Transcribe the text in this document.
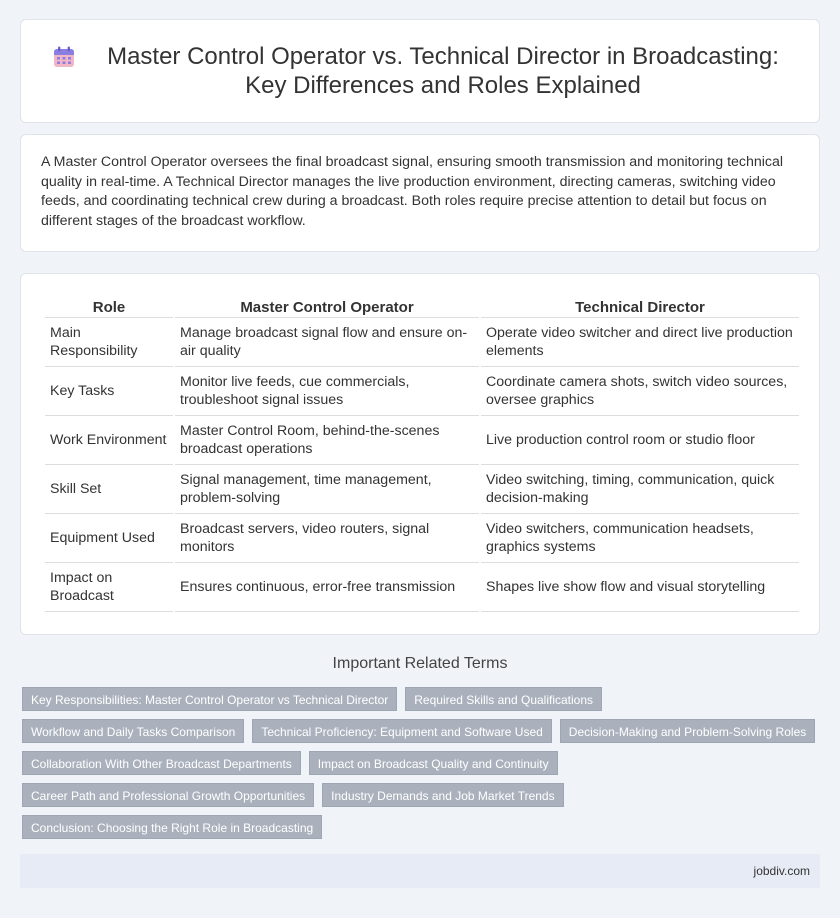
Master Control Operator vs. Technical Director in Broadcasting: Key Differences and Roles Explained

A Master Control Operator oversees the final broadcast signal, ensuring smooth transmission and monitoring technical quality in real-time. A Technical Director manages the live production environment, directing cameras, switching video feeds, and coordinating technical crew during a broadcast. Both roles require precise attention to detail but focus on different stages of the broadcast workflow.

Role	Master Control Operator	Technical Director
Main Responsibility	Manage broadcast signal flow and ensure on-air quality	Operate video switcher and direct live production elements
Key Tasks	Monitor live feeds, cue commercials, troubleshoot signal issues	Coordinate camera shots, switch video sources, oversee graphics
Work Environment	Master Control Room, behind-the-scenes broadcast operations	Live production control room or studio floor
Skill Set	Signal management, time management, problem-solving	Video switching, timing, communication, quick decision-making
Equipment Used	Broadcast servers, video routers, signal monitors	Video switchers, communication headsets, graphics systems
Impact on Broadcast	Ensures continuous, error-free transmission	Shapes live show flow and visual storytelling
Important Related Terms
Key Responsibilities: Master Control Operator vs Technical Director	Required Skills and Qualifications
Workflow and Daily Tasks Comparison	Technical Proficiency: Equipment and Software Used	Decision-Making and Problem-Solving Roles
Collaboration With Other Broadcast Departments	Impact on Broadcast Quality and Continuity
Career Path and Professional Growth Opportunities	Industry Demands and Job Market Trends
Conclusion: Choosing the Right Role in Broadcasting
jobdiv.com
